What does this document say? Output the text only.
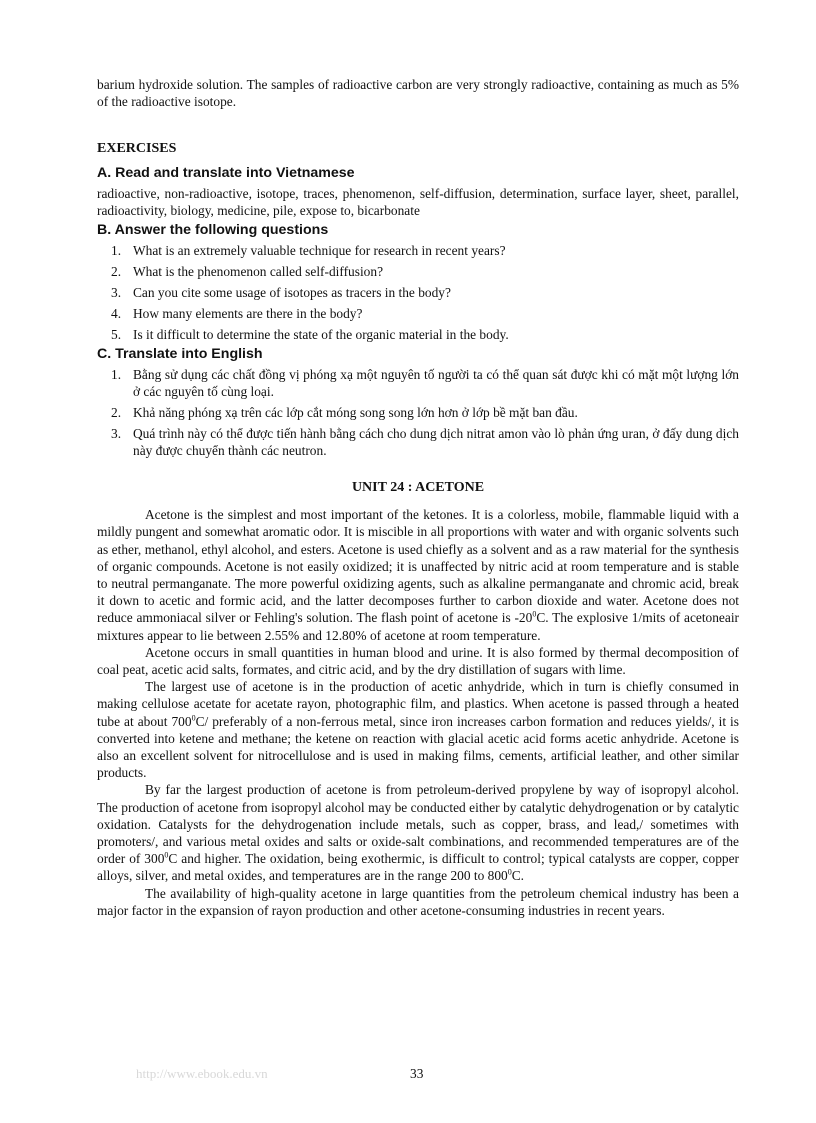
barium hydroxide solution. The samples of radioactive carbon are very strongly radioactive, containing as much as 5% of the radioactive isotope.

EXERCISES
A. Read and translate into Vietnamese

radioactive, non-radioactive, isotope, traces, phenomenon, self-diffusion, determination, surface layer, sheet, parallel, radioactivity, biology, medicine, pile, expose to, bicarbonate

B. Answer the following questions
1. What is an extremely valuable technique for research in recent years?
2. What is the phenomenon called self-diffusion?
3. Can you cite some usage of isotopes as tracers in the body?
4. How many elements are there in the body?
5. Is it difficult to determine the state of the organic material in the body.
C. Translate into English
1. Bằng sử dụng các chất đồng vị phóng xạ một nguyên tố người ta có thể quan sát được khi có mặt một lượng lớn ở các nguyên tố cùng loại.
2. Khả năng phóng xạ trên các lớp cắt móng song song lớn hơn ở lớp bề mặt ban đầu.
3. Quá trình này có thể được tiến hành bằng cách cho dung dịch nitrat amon vào lò phản ứng uran, ở đấy dung dịch này được chuyển thành các neutron.
UNIT 24 : ACETONE

Acetone is the simplest and most important of the ketones. It is a colorless, mobile, flammable liquid with a mildly pungent and somewhat aromatic odor. It is miscible in all proportions with water and with organic solvents such as ether, methanol, ethyl alcohol, and esters. Acetone is used chiefly as a solvent and as a raw material for the synthesis of organic compounds. Acetone is not easily oxidized; it is unaffected by nitric acid at room temperature and is stable to neutral permanganate. The more powerful oxidizing agents, such as alkaline permanganate and chromic acid, break it down to acetic and formic acid, and the latter decomposes further to carbon dioxide and water. Acetone does not reduce ammoniacal silver or Fehling's solution. The flash point of acetone is $-20^0C$. The explosive 1/mits of acetoneair mixtures appear to lie between 2.55% and 12.80% of acetone at room temperature.

Acetone occurs in small quantities in human blood and urine. It is also formed by thermal decomposition of coal peat, acetic acid salts, formates, and citric acid, and by the dry distillation of sugars with lime.

The largest use of acetone is in the production of acetic anhydride, which in turn is chiefly consumed in making cellulose acetate for acetate rayon, photographic film, and plastics. When acetone is passed through a heated tube at about $700^0C/$ preferably of a non-ferrous metal, since iron increases carbon formation and reduces yields/, it is converted into ketene and methane; the ketene on reaction with glacial acetic acid forms acetic anhydride. Acetone is also an excellent solvent for nitrocellulose and is used in making films, cements, artificial leather, and other similar products.

By far the largest production of acetone is from petroleum-derived propylene by way of isopropyl alcohol. The production of acetone from isopropyl alcohol may be conducted either by catalytic dehydrogenation or by catalytic oxidation. Catalysts for the dehydrogenation include metals, such as copper, brass, and lead,/ sometimes with promoters/, and various metal oxides and salts or oxide-salt combinations, and recommended temperatures are of the order of $300^0C$ and higher. The oxidation, being exothermic, is difficult to control; typical catalysts are copper, copper alloys, silver, and metal oxides, and temperatures are in the range 200 to $800^0C$.

The availability of high-quality acetone in large quantities from the petroleum chemical industry has been a major factor in the expansion of rayon production and other acetone-consuming industries in recent years.

http://www.ebook.edu.vn	33
